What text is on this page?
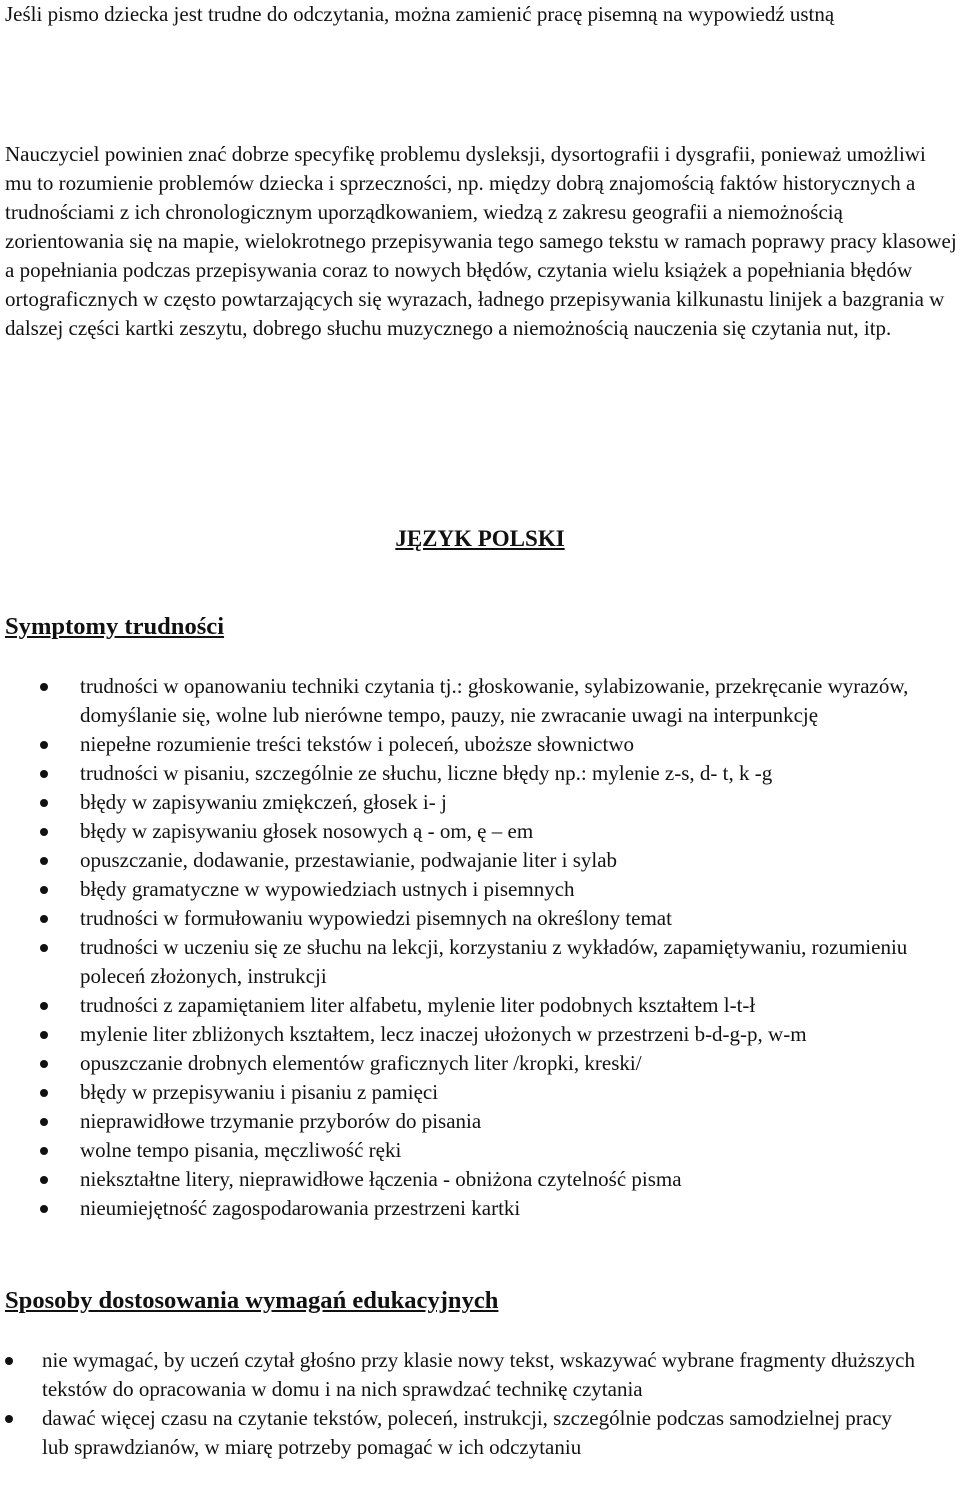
Jeśli pismo dziecka jest trudne do odczytania, można zamienić pracę pisemną na wypowiedź ustną

Nauczyciel powinien znać dobrze specyfikę problemu dysleksji, dysortografii i dysgrafii, ponieważ umożliwi mu to rozumienie problemów dziecka i sprzeczności, np. między dobrą znajomością faktów historycznych a trudnościami z ich chronologicznym uporządkowaniem, wiedzą z zakresu geografii a niemożnością zorientowania się na mapie, wielokrotnego przepisywania tego samego tekstu w ramach poprawy pracy klasowej a popełniania podczas przepisywania coraz to nowych błędów, czytania wielu książek a popełniania błędów ortograficznych w często powtarzających się wyrazach, ładnego przepisywania kilkunastu linijek a bazgrania w dalszej części kartki zeszytu, dobrego słuchu muzycznego a niemożnością nauczenia się czytania nut, itp.

JĘZYK POLSKI
Symptomy trudności
trudności w opanowaniu techniki czytania tj.: głoskowanie, sylabizowanie, przekręcanie wyrazów, domyślanie się, wolne lub nierówne tempo, pauzy, nie zwracanie uwagi na interpunkcję
niepełne rozumienie treści tekstów i poleceń, uboższe słownictwo
trudności w pisaniu, szczególnie ze słuchu, liczne błędy np.: mylenie z-s, d- t, k -g
błędy w zapisywaniu zmiękczeń, głosek i- j
błędy w zapisywaniu głosek nosowych ą - om, ę – em
opuszczanie, dodawanie, przestawianie, podwajanie liter i sylab
błędy gramatyczne w wypowiedziach ustnych i pisemnych
trudności w formułowaniu wypowiedzi pisemnych na określony temat
trudności w uczeniu się ze słuchu na lekcji, korzystaniu z wykładów, zapamiętywaniu, rozumieniu poleceń złożonych, instrukcji
trudności z zapamiętaniem liter alfabetu, mylenie liter podobnych kształtem l-t-ł
mylenie liter zbliżonych kształtem, lecz inaczej ułożonych w przestrzeni b-d-g-p, w-m
opuszczanie drobnych elementów graficznych liter /kropki, kreski/
błędy w przepisywaniu i pisaniu z pamięci
nieprawidłowe trzymanie przyborów do pisania
wolne tempo pisania, męczliwość ręki
niekształtne litery, nieprawidłowe łączenia - obniżona czytelność pisma
nieumiejętność zagospodarowania przestrzeni kartki
Sposoby dostosowania wymagań edukacyjnych
nie wymagać, by uczeń czytał głośno przy klasie nowy tekst, wskazywać wybrane fragmenty dłuższych tekstów do opracowania w domu i na nich sprawdzać technikę czytania
dawać więcej czasu na czytanie tekstów, poleceń, instrukcji, szczególnie podczas samodzielnej pracy lub sprawdzianów, w miarę potrzeby pomagać w ich odczytaniu
